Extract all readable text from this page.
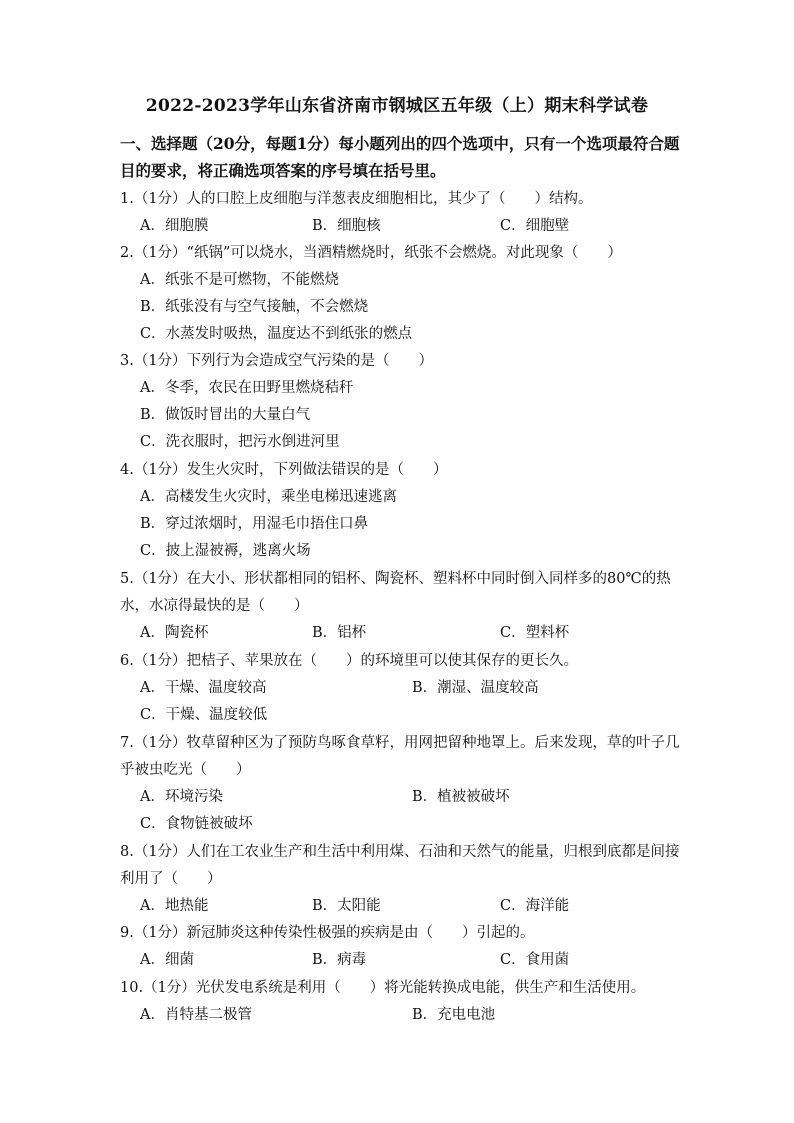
2022-2023学年山东省济南市钢城区五年级（上）期末科学试卷
一、选择题（20分，每题1分）每小题列出的四个选项中，只有一个选项最符合题目的要求，将正确选项答案的序号填在括号里。
1.（1分）人的口腔上皮细胞与洋葱表皮细胞相比，其少了（　　）结构。
A．细胞膜	B．细胞核	C．细胞壁
2.（1分）“纸锅”可以烧水，当酒精燃烧时，纸张不会燃烧。对此现象（　　）
A．纸张不是可燃物，不能燃烧
B．纸张没有与空气接触，不会燃烧
C．水蒸发时吸热，温度达不到纸张的燃点
3.（1分）下列行为会造成空气污染的是（　　）
A．冬季，农民在田野里燃烧秸秆
B．做饭时冒出的大量白气
C．洗衣服时，把污水倒进河里
4.（1分）发生火灾时，下列做法错误的是（　　）
A．高楼发生火灾时，乘坐电梯迅速逃离
B．穿过浓烟时，用湿毛巾捂住口鼻
C．披上湿被褥，逃离火场
5.（1分）在大小、形状都相同的铝杯、陶瓷杯、塑料杯中同时倒入同样多的80℃的热水，水凉得最快的是（　　）
A．陶瓷杯	B．铝杯	C．塑料杯
6.（1分）把桔子、苹果放在（　　）的环境里可以使其保存的更长久。
A．干燥、温度较高	B．潮湿、温度较高
C．干燥、温度较低
7.（1分）牧草留种区为了预防鸟啄食草籽，用网把留种地罩上。后来发现，草的叶子几乎被虫吃光（　　）
A．环境污染	B．植被被破坏
C．食物链被破坏
8.（1分）人们在工农业生产和生活中利用煤、石油和天然气的能量，归根到底都是间接利用了（　　）
A．地热能	B．太阳能	C．海洋能
9.（1分）新冠肺炎这种传染性极强的疾病是由（　　）引起的。
A．细菌	B．病毒	C．食用菌
10.（1分）光伏发电系统是利用（　　）将光能转换成电能，供生产和生活使用。
A．肖特基二极管	B．充电电池
